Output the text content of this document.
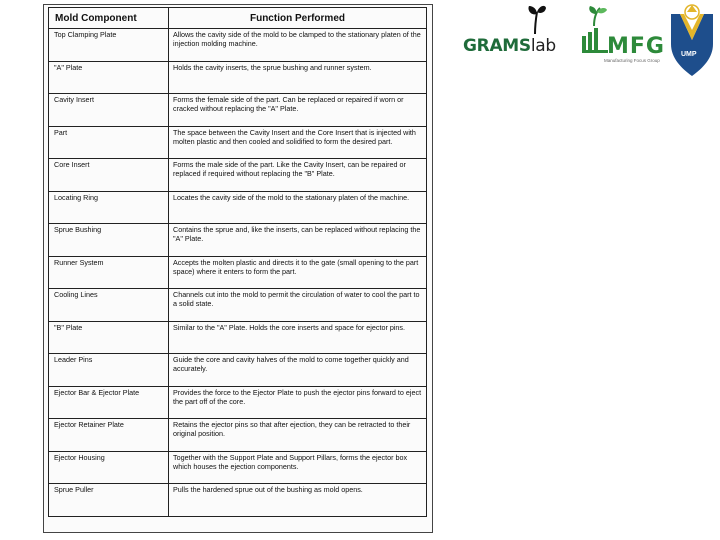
Mold Component	Function Performed
Top Clamping Plate	Allows the cavity side of the mold to be clamped to the stationary platen of the injection molding machine.
"A" Plate	Holds the cavity inserts, the sprue bushing and runner system.
Cavity Insert	Forms the female side of the part. Can be replaced or repaired if worn or cracked without replacing the "A" Plate.
Part	The space between the Cavity Insert and the Core Insert that is injected with molten plastic and then cooled and solidified to form the desired part.
Core Insert	Forms the male side of the part. Like the Cavity Insert, can be repaired or replaced if required without replacing the "B" Plate.
Locating Ring	Locates the cavity side of the mold to the stationary platen of the machine.
Sprue Bushing	Contains the sprue and, like the inserts, can be replaced without replacing the "A" Plate.
Runner System	Accepts the molten plastic and directs it to the gate (small opening to the part space) where it enters to form the part.
Cooling Lines	Channels cut into the mold to permit the circulation of water to cool the part to a solid state.
"B" Plate	Similar to the "A" Plate. Holds the core inserts and space for ejector pins.
Leader Pins	Guide the core and cavity halves of the mold to come together quickly and accurately.
Ejector Bar & Ejector Plate	Provides the force to the Ejector Plate to push the ejector pins forward to eject the part off of the core.
Ejector Retainer Plate	Retains the ejector pins so that after ejection, they can be retracted to their original position.
Ejector Housing	Together with the Support Plate and Support Pillars, forms the ejector box which houses the ejection components.
Sprue Puller	Pulls the hardened sprue out of the bushing as mold opens.
GRAMSlab MFG
Manufacturing Focus Group
UMP
